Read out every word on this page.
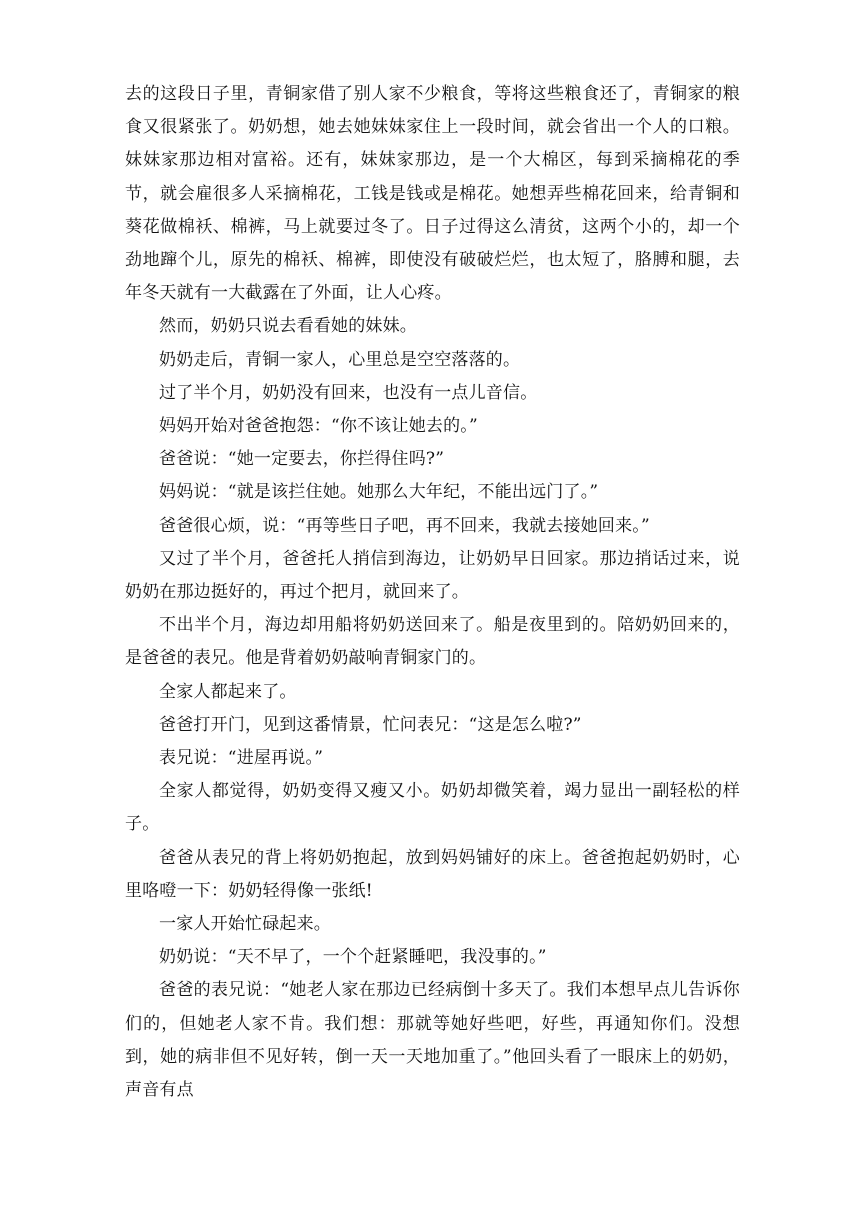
去的这段日子里，青铜家借了别人家不少粮食，等将这些粮食还了，青铜家的粮食又很紧张了。奶奶想，她去她妹妹家住上一段时间，就会省出一个人的口粮。妹妹家那边相对富裕。还有，妹妹家那边，是一个大棉区，每到采摘棉花的季节，就会雇很多人采摘棉花，工钱是钱或是棉花。她想弄些棉花回来，给青铜和葵花做棉袄、棉裤，马上就要过冬了。日子过得这么清贫，这两个小的，却一个劲地蹿个儿，原先的棉袄、棉裤，即使没有破破烂烂，也太短了，胳膊和腿，去年冬天就有一大截露在了外面，让人心疼。

然而，奶奶只说去看看她的妹妹。

奶奶走后，青铜一家人，心里总是空空落落的。

过了半个月，奶奶没有回来，也没有一点儿音信。

妈妈开始对爸爸抱怨：“你不该让她去的。”

爸爸说：“她一定要去，你拦得住吗?”

妈妈说：“就是该拦住她。她那么大年纪，不能出远门了。”

爸爸很心烦，说：“再等些日子吧，再不回来，我就去接她回来。”

又过了半个月，爸爸托人捎信到海边，让奶奶早日回家。那边捎话过来，说奶奶在那边挺好的，再过个把月，就回来了。

不出半个月，海边却用船将奶奶送回来了。船是夜里到的。陪奶奶回来的，是爸爸的表兄。他是背着奶奶敲响青铜家门的。

全家人都起来了。

爸爸打开门，见到这番情景，忙问表兄：“这是怎么啦?”

表兄说：“进屋再说。”

全家人都觉得，奶奶变得又瘦又小。奶奶却微笑着，竭力显出一副轻松的样子。

爸爸从表兄的背上将奶奶抱起，放到妈妈铺好的床上。爸爸抱起奶奶时，心里咯噔一下：奶奶轻得像一张纸!

一家人开始忙碌起来。

奶奶说：“天不早了，一个个赶紧睡吧，我没事的。”

爸爸的表兄说：“她老人家在那边已经病倒十多天了。我们本想早点儿告诉你们的，但她老人家不肯。我们想：那就等她好些吧，好些，再通知你们。没想到，她的病非但不见好转，倒一天一天地加重了。”他回头看了一眼床上的奶奶，声音有点
